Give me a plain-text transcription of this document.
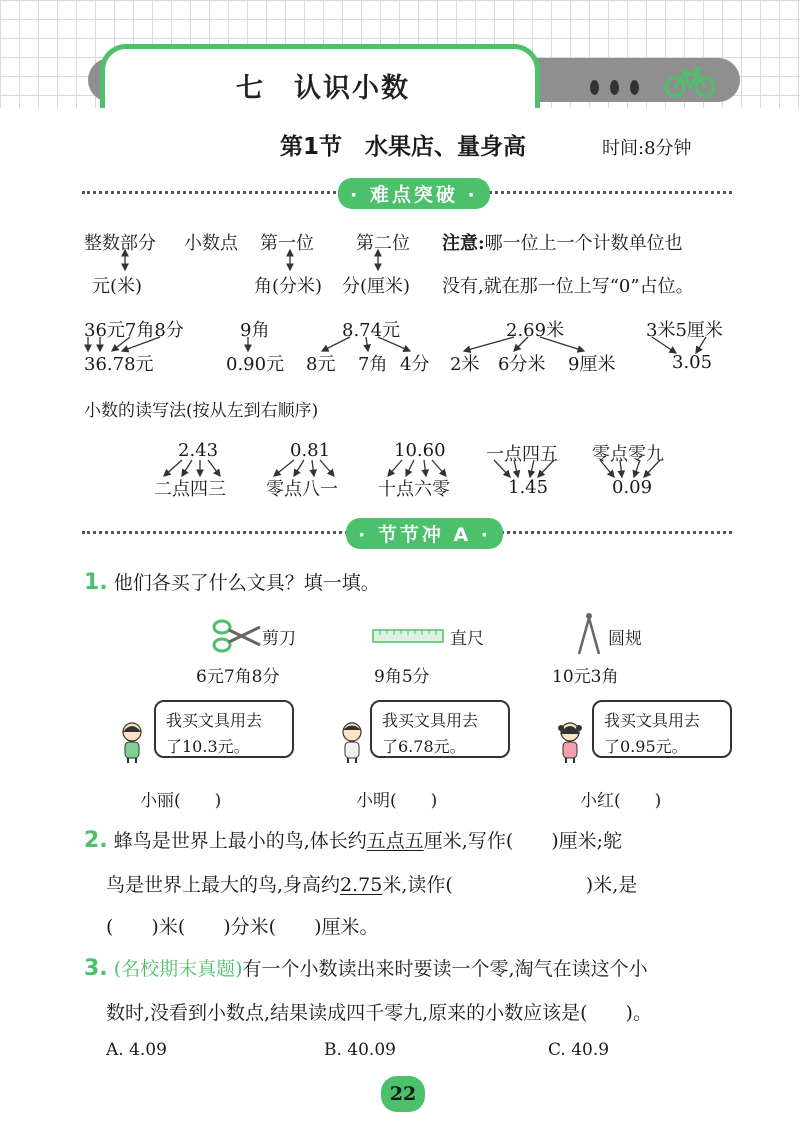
七　认识小数
第1节　水果店、量身高	时间:8分钟
· 难点突破 ·
整数部分 小数点 第一位 第二位
元(米)	角(分米) 分(厘米)
注意:哪一位上一个计数单位也
没有,就在那一位上写“0”占位。
36元7角8分
36.78元
9角
0.90元
8.74元
8元 7角 4分
2.69米
2米 6分米 9厘米
3米5厘米
3.05
小数的读写法(按从左到右顺序)
2.43
二点四三
0.81
零点八一
10.60
十点六零
一点四五
1.45
零点零九
0.09
· 节节冲 A ·
1. 他们各买了什么文具？填一填。
剪刀
6元7角8分
直尺
9角5分
圆规
10元3角
我买文具用去
了10.3元。
小丽(　　)
我买文具用去
了6.78元。
小明(　　)
我买文具用去
了0.95元。
小红(　　)
2. 蜂鸟是世界上最小的鸟,体长约五点五厘米,写作(　　)厘米;鸵
鸟是世界上最大的鸟,身高约2.75米,读作(　　　　　　　)米,是
(　　)米(　　)分米(　　)厘米。
3. (名校期末真题)有一个小数读出来时要读一个零,淘气在读这个小
数时,没看到小数点,结果读成四千零九,原来的小数应该是(　　)。
A. 4.09	B. 40.09	C. 40.9
22
